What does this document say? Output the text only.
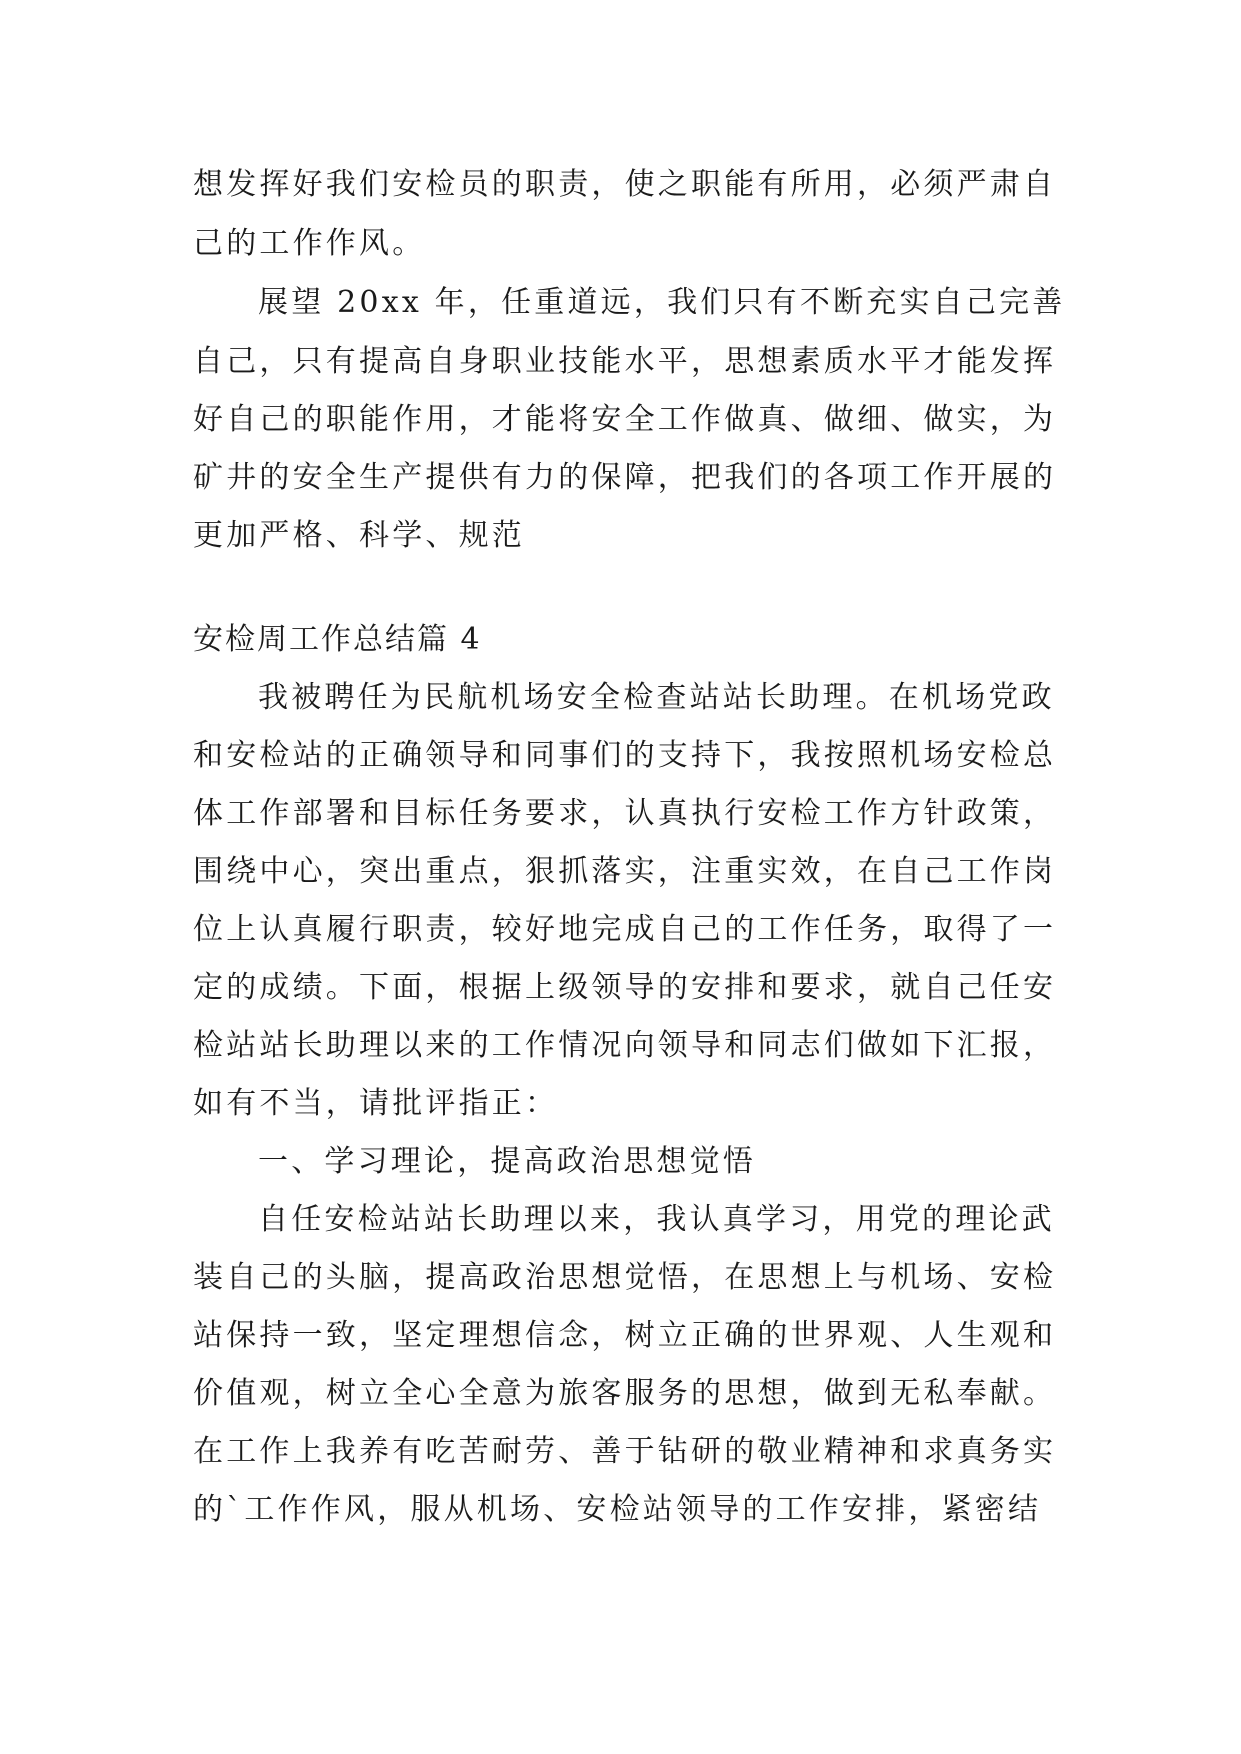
想发挥好我们安检员的职责，使之职能有所用，必须严肃自
己的工作作风。
展望 20xx 年，任重道远，我们只有不断充实自己完善
自己，只有提高自身职业技能水平，思想素质水平才能发挥
好自己的职能作用，才能将安全工作做真、做细、做实，为
矿井的安全生产提供有力的保障，把我们的各项工作开展的
更加严格、科学、规范
安检周工作总结篇 4
我被聘任为民航机场安全检查站站长助理。在机场党政
和安检站的正确领导和同事们的支持下，我按照机场安检总
体工作部署和目标任务要求，认真执行安检工作方针政策，
围绕中心，突出重点，狠抓落实，注重实效，在自己工作岗
位上认真履行职责，较好地完成自己的工作任务，取得了一
定的成绩。下面，根据上级领导的安排和要求，就自己任安
检站站长助理以来的工作情况向领导和同志们做如下汇报，
如有不当，请批评指正：
一、学习理论，提高政治思想觉悟
自任安检站站长助理以来，我认真学习，用党的理论武
装自己的头脑，提高政治思想觉悟，在思想上与机场、安检
站保持一致，坚定理想信念，树立正确的世界观、人生观和
价值观，树立全心全意为旅客服务的思想，做到无私奉献。
在工作上我养有吃苦耐劳、善于钻研的敬业精神和求真务实
的`工作作风，服从机场、安检站领导的工作安排，紧密结
